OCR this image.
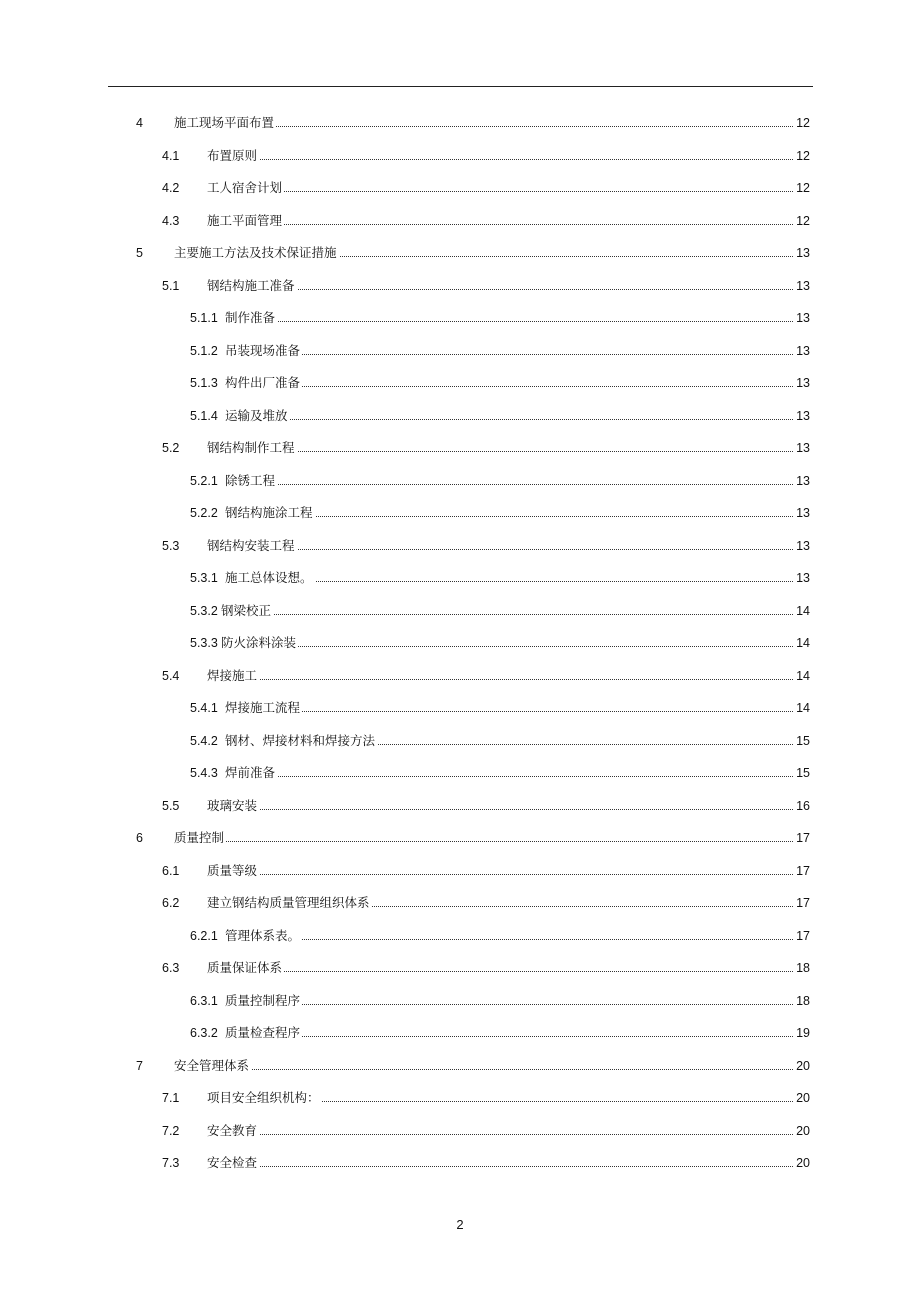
4 施工现场平面布置	12
4.1 布置原则	12
4.2 工人宿舍计划	12
4.3 施工平面管理	12
5 主要施工方法及技术保证措施	13
5.1 钢结构施工准备	13
5.1.1 制作准备	13
5.1.2 吊装现场准备	13
5.1.3 构件出厂准备	13
5.1.4 运输及堆放	13
5.2 钢结构制作工程	13
5.2.1 除锈工程	13
5.2.2 钢结构施涂工程	13
5.3 钢结构安装工程	13
5.3.1 施工总体设想。	13
5.3.2 钢梁校正	14
5.3.3 防火涂料涂装	14
5.4 焊接施工	14
5.4.1 焊接施工流程	14
5.4.2 钢材、焊接材料和焊接方法	15
5.4.3 焊前准备	15
5.5 玻璃安装	16
6 质量控制	17
6.1 质量等级	17
6.2 建立钢结构质量管理组织体系	17
6.2.1 管理体系表。	17
6.3 质量保证体系	18
6.3.1 质量控制程序	18
6.3.2 质量检查程序	19
7 安全管理体系	20
7.1 项目安全组织机构：	20
7.2 安全教育	20
7.3 安全检查	20
2
